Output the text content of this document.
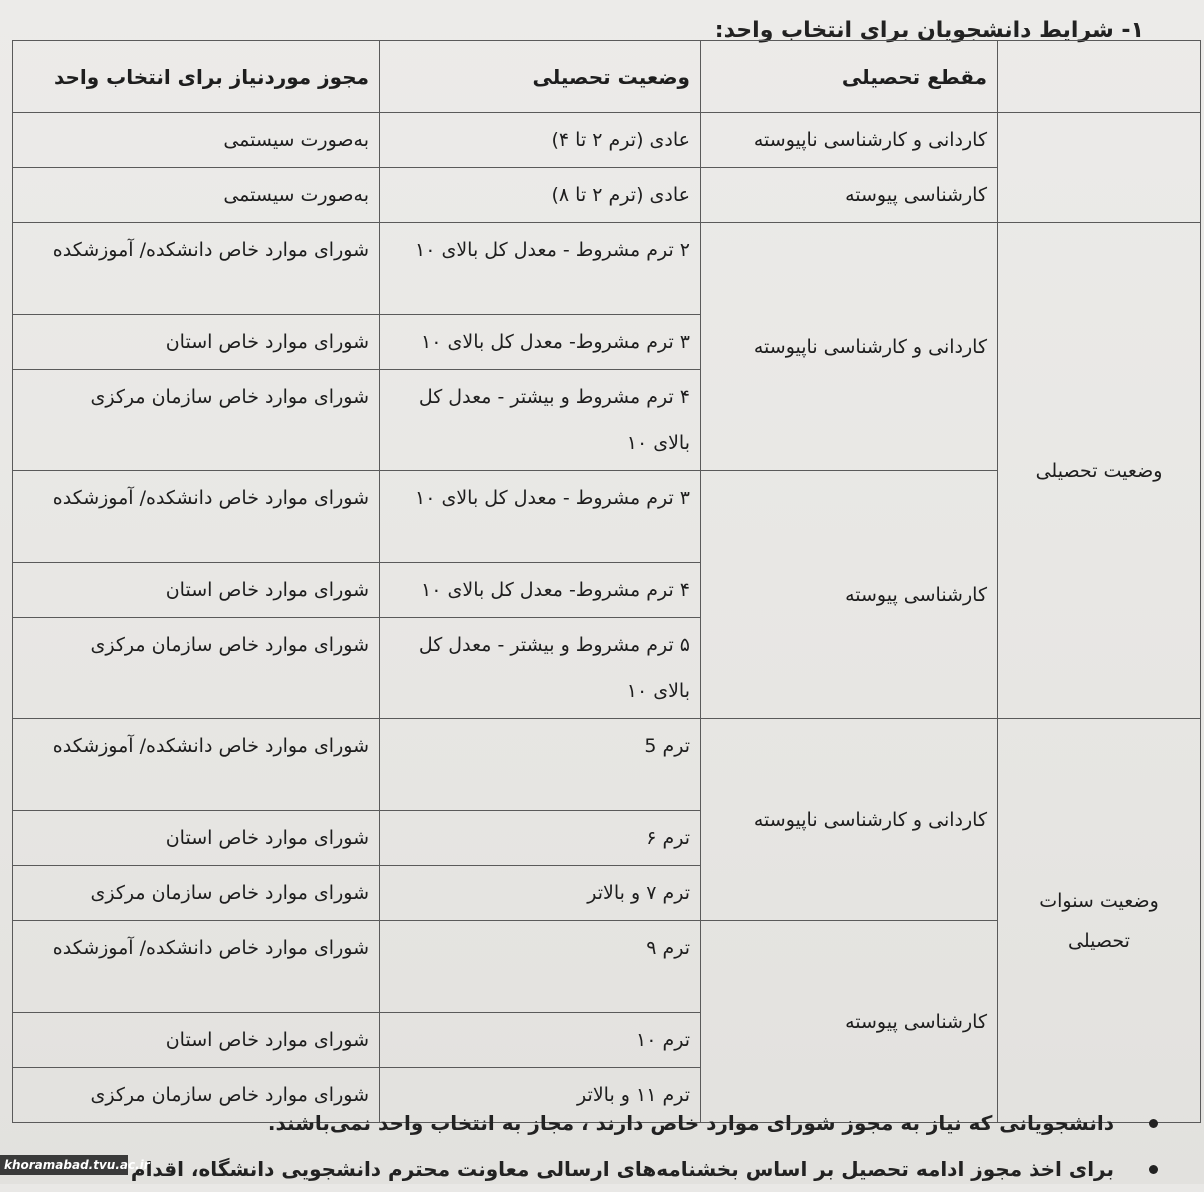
۱- شرایط دانشجویان برای انتخاب واحد:
	مقطع تحصیلی	وضعیت تحصیلی	مجوز موردنیاز برای انتخاب واحد
	کاردانی و کارشناسی ناپیوسته	عادی (ترم ۲ تا ۴)	به‌صورت سیستمی
	کارشناسی پیوسته	عادی (ترم ۲ تا ۸)	به‌صورت سیستمی
وضعیت تحصیلی	کاردانی و کارشناسی ناپیوسته	۲ ترم مشروط - معدل کل بالای ۱۰	شورای موارد خاص دانشکده/ آموزشکده
		۳ ترم مشروط- معدل کل بالای ۱۰	شورای موارد خاص استان
		۴ ترم مشروط و بیشتر - معدل کل بالای ۱۰	شورای موارد خاص سازمان مرکزی
	کارشناسی پیوسته	۳ ترم مشروط - معدل کل بالای ۱۰	شورای موارد خاص دانشکده/ آموزشکده
		۴ ترم مشروط- معدل کل بالای ۱۰	شورای موارد خاص استان
		۵ ترم مشروط و بیشتر - معدل کل بالای ۱۰	شورای موارد خاص سازمان مرکزی
وضعیت سنوات تحصیلی	کاردانی و کارشناسی ناپیوسته	ترم 5	شورای موارد خاص دانشکده/ آموزشکده
		ترم ۶	شورای موارد خاص استان
		ترم ۷ و بالاتر	شورای موارد خاص سازمان مرکزی
	کارشناسی پیوسته	ترم ۹	شورای موارد خاص دانشکده/ آموزشکده
		ترم ۱۰	شورای موارد خاص استان
		ترم ۱۱ و بالاتر	شورای موارد خاص سازمان مرکزی
دانشجویانی که نیاز به مجوز شورای موارد خاص دارند ، مجاز به انتخاب واحد نمی‌باشند.
برای اخذ مجوز ادامه تحصیل بر اساس بخشنامه‌های ارسالی معاونت محترم دانشجویی دانشگاه، اقدام
khoramabad.tvu.ac.ir
